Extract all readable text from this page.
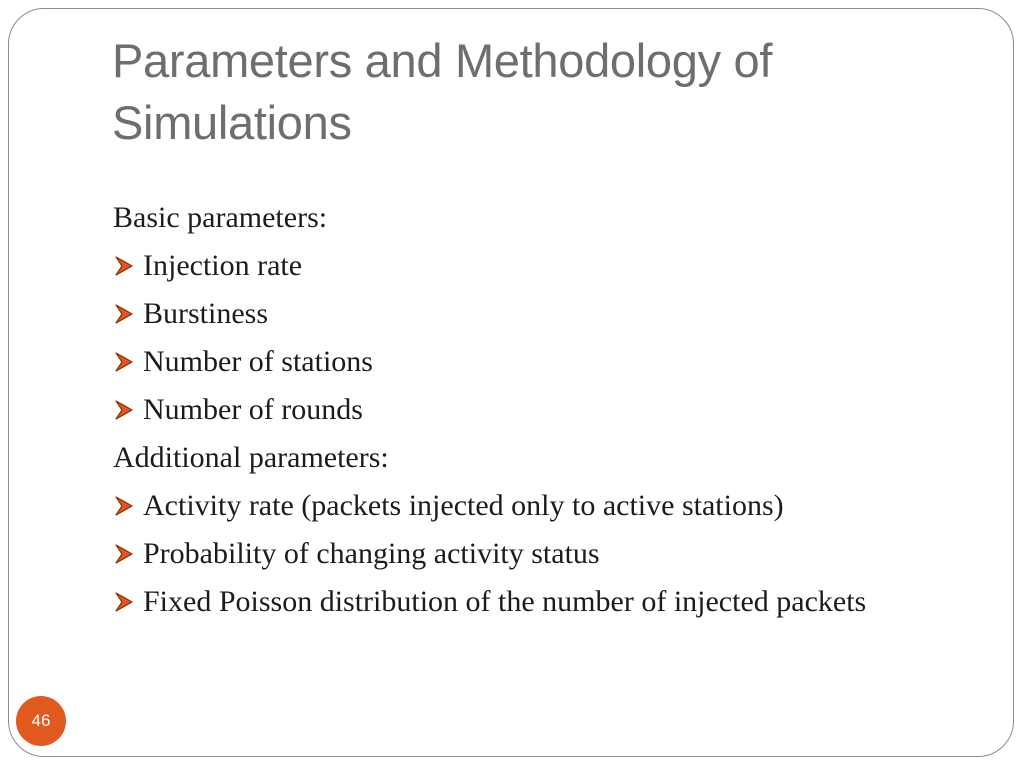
Parameters and Methodology of Simulations
Basic parameters:
Injection rate
Burstiness
Number of stations
Number of rounds
Additional parameters:
Activity rate (packets injected only to active stations)
Probability of changing activity status
Fixed Poisson distribution of the number of injected packets
46
